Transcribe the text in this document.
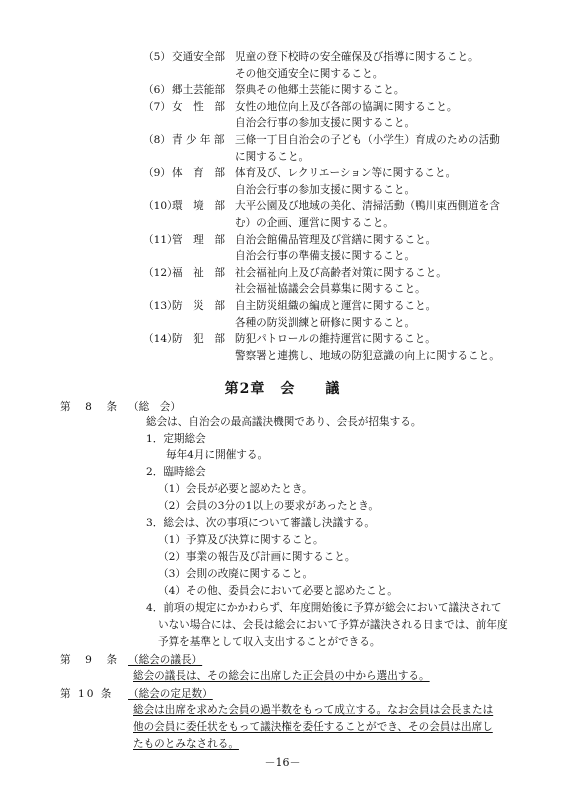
（5） 交通安全部 児童の登下校時の安全確保及び指導に関すること。
その他交通安全に関すること。
（6） 郷土芸能部 祭典その他郷土芸能に関すること。
（7） 女　性　部 女性の地位向上及び各部の協調に関すること。
自治会行事の参加支援に関すること。
（8） 青 少 年 部 三條一丁目自治会の子ども（小学生）育成のための活動
に関すること。
（9） 体　育　部 体育及び、レクリエーション等に関すること。
自治会行事の参加支援に関すること。
（10）
環　境　部 大平公園及び地域の美化、清掃活動（鴨川東西側道を含
む）の企画、運営に関すること。
（11）
管　理　部 自治会館備品管理及び営繕に関すること。
自治会行事の準備支援に関すること。
（12）
福　祉　部 社会福祉向上及び高齢者対策に関すること。
社会福祉協議会会員募集に関すること。
（13）
防　災　部 自主防災組織の編成と運営に関すること。
各種の防災訓練と研修に関すること。
（14）
防　犯　部 防犯パトロールの維持運営に関すること。
警察署と連携し、地域の防犯意識の向上に関すること。
第2章　会　　議
第　8　条 （総　会）
総会は、自治会の最高議決機関であり、会長が招集する。
1．定期総会
毎年4月に開催する。
2．臨時総会
（1）会長が必要と認めたとき。
（2）会員の3分の1以上の要求があったとき。
3．総会は、次の事項について審議し決議する。
（1）予算及び決算に関すること。
（2）事業の報告及び計画に関すること。
（3）会則の改廃に関すること。
（4）その他、委員会において必要と認めたこと。
4．前項の規定にかかわらず、年度開始後に予算が総会において議決されて
いない場合には、会長は総会において予算が議決される日までは、前年度
予算を基準として収入支出することができる。
第　9　条 （総会の議長）
総会の議長は、その総会に出席した正会員の中から選出する。
第 10 条	（総会の定足数）
総会は出席を求めた会員の過半数をもって成立する。なお会員は会長または
他の会員に委任状をもって議決権を委任することができ、その会員は出席し
たものとみなされる。
－16－
